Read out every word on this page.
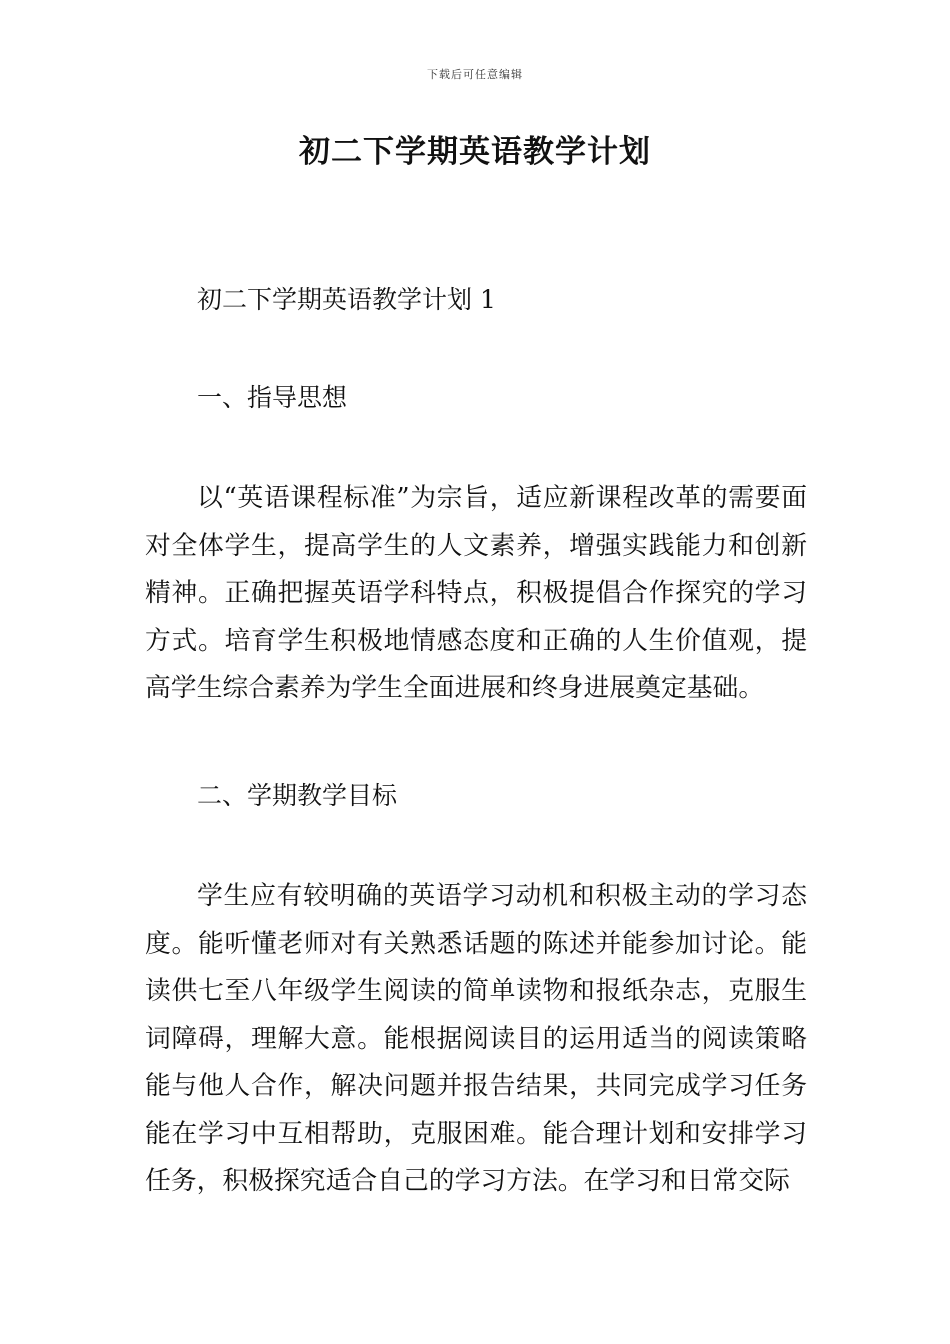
下载后可任意编辑
初二下学期英语教学计划
初二下学期英语教学计划 1
一、指导思想

以“英语课程标准”为宗旨，适应新课程改革的需要面对全体学生，提高学生的人文素养，增强实践能力和创新精神。正确把握英语学科特点，积极提倡合作探究的学习方式。培育学生积极地情感态度和正确的人生价值观，提高学生综合素养为学生全面进展和终身进展奠定基础。

二、学期教学目标

学生应有较明确的英语学习动机和积极主动的学习态度。能听懂老师对有关熟悉话题的陈述并能参加讨论。能读供七至八年级学生阅读的简单读物和报纸杂志，克服生词障碍，理解大意。能根据阅读目的运用适当的阅读策略能与他人合作，解决问题并报告结果，共同完成学习任务能在学习中互相帮助，克服困难。能合理计划和安排学习任务，积极探究适合自己的学习方法。在学习和日常交际
